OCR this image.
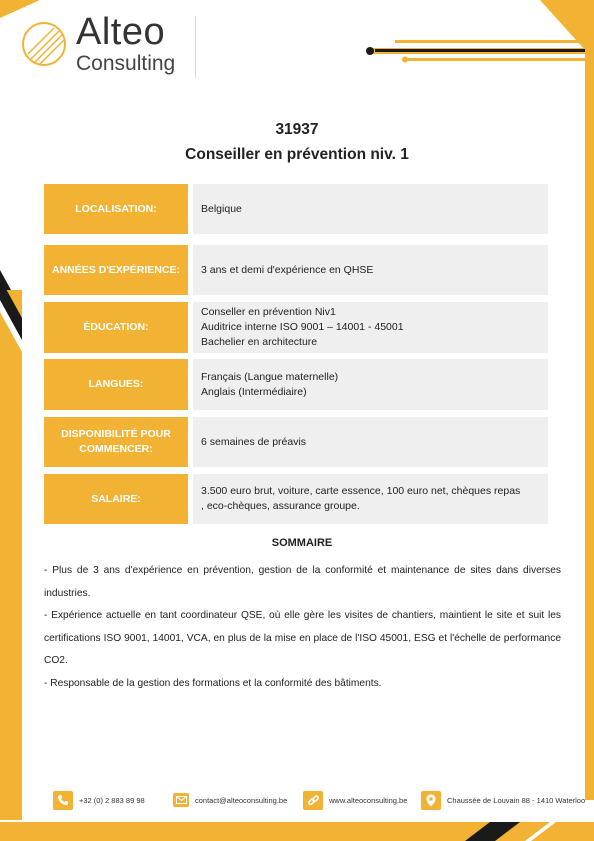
Alteo
Consulting
31937
Conseiller en prévention niv. 1
LOCALISATION:	Belgique
ANNÉES D'EXPÉRIENCE:	3 ans et demi d'expérience en QHSE
ÉDUCATION:
Conseller en prévention Niv1
Auditrice interne ISO 9001 – 14001 - 45001
Bachelier en architecture
LANGUES:
Français (Langue maternelle)
Anglais (Intermédiaire)
DISPONIBILITÉ POUR COMMENCER:
6 semaines de préavis
SALAIRE:
3.500 euro brut, voiture, carte essence, 100 euro net, chèques repas
, eco-chèques, assurance groupe.
SOMMAIRE

- Plus de 3 ans d'expérience en prévention, gestion de la conformité et maintenance de sites dans diverses industries.

- Expérience actuelle en tant coordinateur QSE, où elle gère les visites de chantiers, maintient le site et suit les certifications ISO 9001, 14001, VCA, en plus de la mise en place de l'ISO 45001, ESG et l'échelle de performance CO2.

- Responsable de la gestion des formations et la conformité des bâtiments.

+32 (0) 2 883 89 98	contact@alteoconsulting.be	www.alteoconsulting.be	Chaussée de Louvain 88 - 1410 Waterloo
